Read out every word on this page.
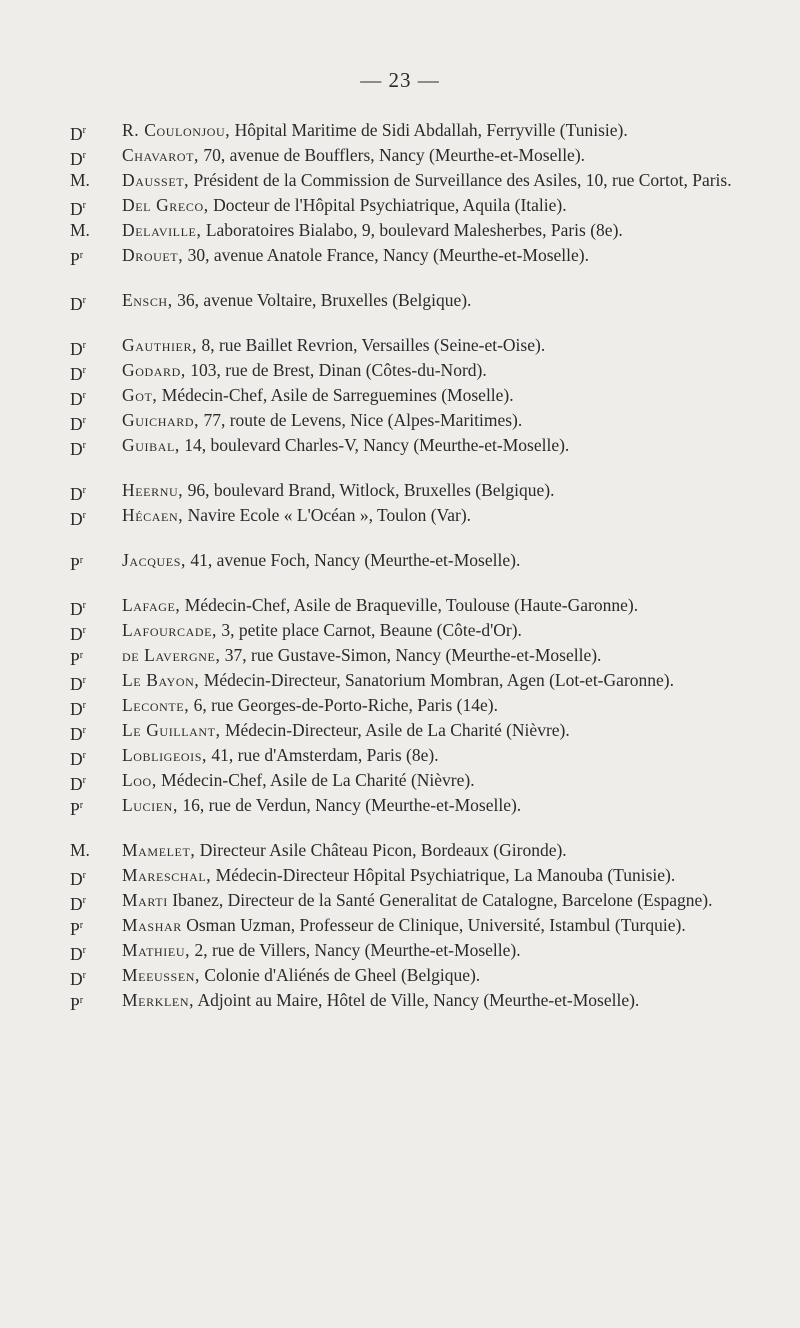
— 23 —
$D^r$ R. Coulonjou, Hôpital Maritime de Sidi Abdallah, Ferryville (Tunisie).
$D^r$ Chavarot, 70, avenue de Boufflers, Nancy (Meurthe-et-Moselle).
M. Dausset, Président de la Commission de Surveillance des Asiles, 10, rue Cortot, Paris.
$D^r$ Del Greco, Docteur de l'Hôpital Psychiatrique, Aquila (Italie).
M. Delaville, Laboratoires Bialabo, 9, boulevard Malesherbes, Paris (8e).
$P^r$ Drouet, 30, avenue Anatole France, Nancy (Meurthe-et-Moselle).
$D^r$ Ensch, 36, avenue Voltaire, Bruxelles (Belgique).
$D^r$ Gauthier, 8, rue Baillet Revrion, Versailles (Seine-et-Oise).
$D^r$ Godard, 103, rue de Brest, Dinan (Côtes-du-Nord).
$D^r$ Got, Médecin-Chef, Asile de Sarreguemines (Moselle).
$D^r$ Guichard, 77, route de Levens, Nice (Alpes-Maritimes).
$D^r$ Guibal, 14, boulevard Charles-V, Nancy (Meurthe-et-Moselle).
$D^r$ Heernu, 96, boulevard Brand, Witlock, Bruxelles (Belgique).
$D^r$ Hécaen, Navire Ecole « L'Océan », Toulon (Var).
$P^r$ Jacques, 41, avenue Foch, Nancy (Meurthe-et-Moselle).
$D^r$ Lafage, Médecin-Chef, Asile de Braqueville, Toulouse (Haute-Garonne).
$D^r$ Lafourcade, 3, petite place Carnot, Beaune (Côte-d'Or).
$P^r$ de Lavergne, 37, rue Gustave-Simon, Nancy (Meurthe-et-Moselle).
$D^r$ Le Bayon, Médecin-Directeur, Sanatorium Mombran, Agen (Lot-et-Garonne).
$D^r$ Leconte, 6, rue Georges-de-Porto-Riche, Paris (14e).
$D^r$ Le Guillant, Médecin-Directeur, Asile de La Charité (Nièvre).
$D^r$ Lobligeois, 41, rue d'Amsterdam, Paris (8e).
$D^r$ Loo, Médecin-Chef, Asile de La Charité (Nièvre).
$P^r$ Lucien, 16, rue de Verdun, Nancy (Meurthe-et-Moselle).
M. Mamelet, Directeur Asile Château Picon, Bordeaux (Gironde).
$D^r$ Mareschal, Médecin-Directeur Hôpital Psychiatrique, La Manouba (Tunisie).
$D^r$ Marti Ibanez, Directeur de la Santé Generalitat de Catalogne, Barcelone (Espagne).
$P^r$ Mashar Osman Uzman, Professeur de Clinique, Université, Istambul (Turquie).
$D^r$ Mathieu, 2, rue de Villers, Nancy (Meurthe-et-Moselle).
$D^r$ Meeussen, Colonie d'Aliénés de Gheel (Belgique).
$P^r$ Merklen, Adjoint au Maire, Hôtel de Ville, Nancy (Meurthe-et-Moselle).
